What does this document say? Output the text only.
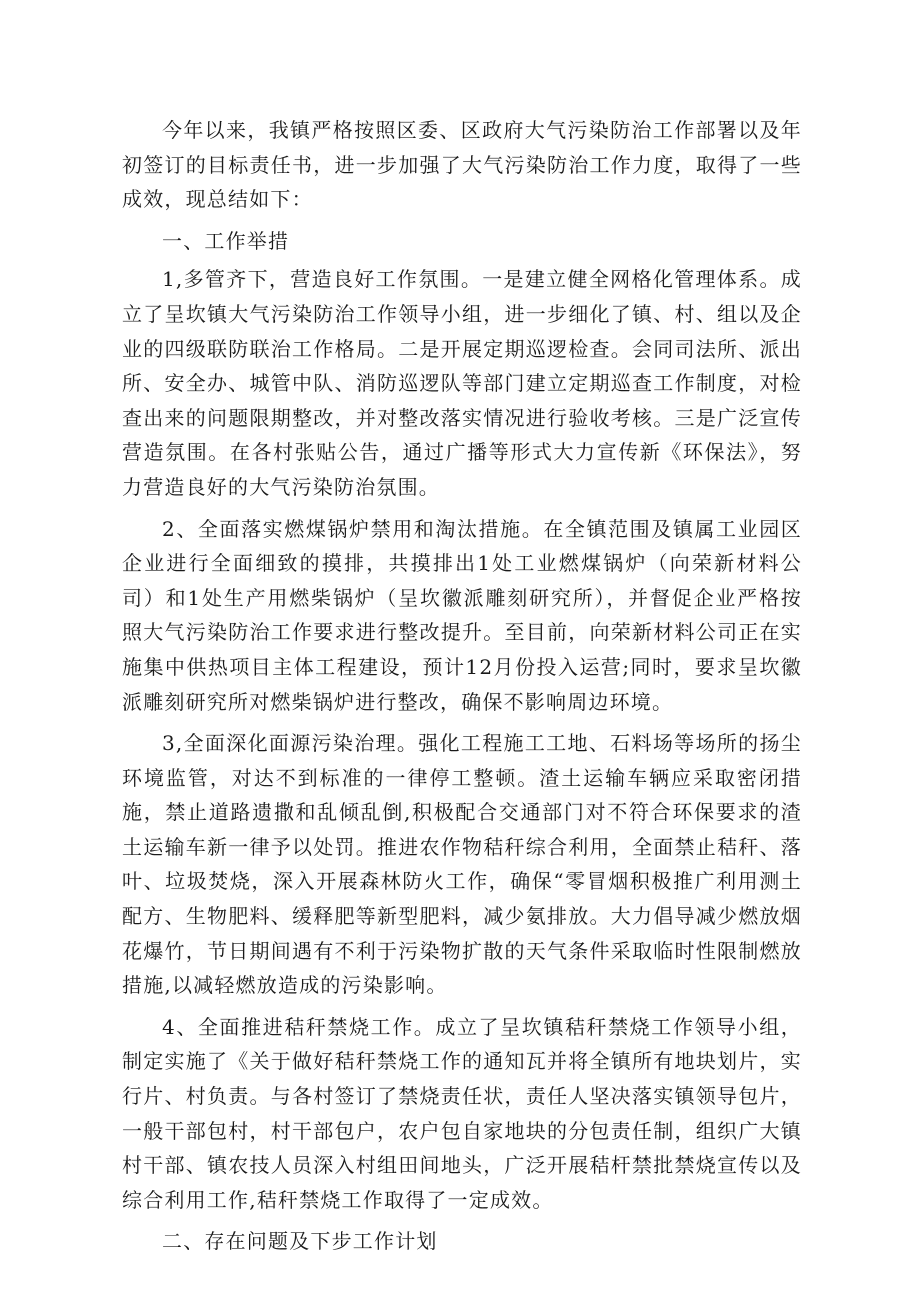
今年以来，我镇严格按照区委、区政府大气污染防治工作部署以及年初签订的目标责任书，进一步加强了大气污染防治工作力度，取得了一些成效，现总结如下：

一、工作举措

1,多管齐下，营造良好工作氛围。一是建立健全网格化管理体系。成立了呈坎镇大气污染防治工作领导小组，进一步细化了镇、村、组以及企业的四级联防联治工作格局。二是开展定期巡逻检查。会同司法所、派出所、安全办、城管中队、消防巡逻队等部门建立定期巡查工作制度，对检查出来的问题限期整改，并对整改落实情况进行验收考核。三是广泛宣传营造氛围。在各村张贴公告，通过广播等形式大力宣传新《环保法》，努力营造良好的大气污染防治氛围。

2、全面落实燃煤锅炉禁用和淘汰措施。在全镇范围及镇属工业园区企业进行全面细致的摸排，共摸排出1处工业燃煤锅炉（向荣新材料公司）和1处生产用燃柴锅炉（呈坎徽派雕刻研究所），并督促企业严格按照大气污染防治工作要求进行整改提升。至目前，向荣新材料公司正在实施集中供热项目主体工程建设，预计12月份投入运营;同时，要求呈坎徽派雕刻研究所对燃柴锅炉进行整改，确保不影响周边环境。

3,全面深化面源污染治理。强化工程施工工地、石料场等场所的扬尘环境监管，对达不到标准的一律停工整顿。渣土运输车辆应采取密闭措施，禁止道路遗撒和乱倾乱倒,积极配合交通部门对不符合环保要求的渣土运输车新一律予以处罚。推进农作物秸秆综合利用，全面禁止秸秆、落叶、垃圾焚烧，深入开展森林防火工作，确保“零冒烟积极推广利用测土配方、生物肥料、缓释肥等新型肥料，减少氨排放。大力倡导减少燃放烟花爆竹，节日期间遇有不利于污染物扩散的天气条件采取临时性限制燃放措施,以减轻燃放造成的污染影响。

4、全面推进秸秆禁烧工作。成立了呈坎镇秸秆禁烧工作领导小组，制定实施了《关于做好秸秆禁烧工作的通知瓦并将全镇所有地块划片，实行片、村负责。与各村签订了禁烧责任状，责任人坚决落实镇领导包片，一般干部包村，村干部包户，农户包自家地块的分包责任制，组织广大镇村干部、镇农技人员深入村组田间地头，广泛开展秸杆禁批禁烧宣传以及综合利用工作,秸秆禁烧工作取得了一定成效。

二、存在问题及下步工作计划
